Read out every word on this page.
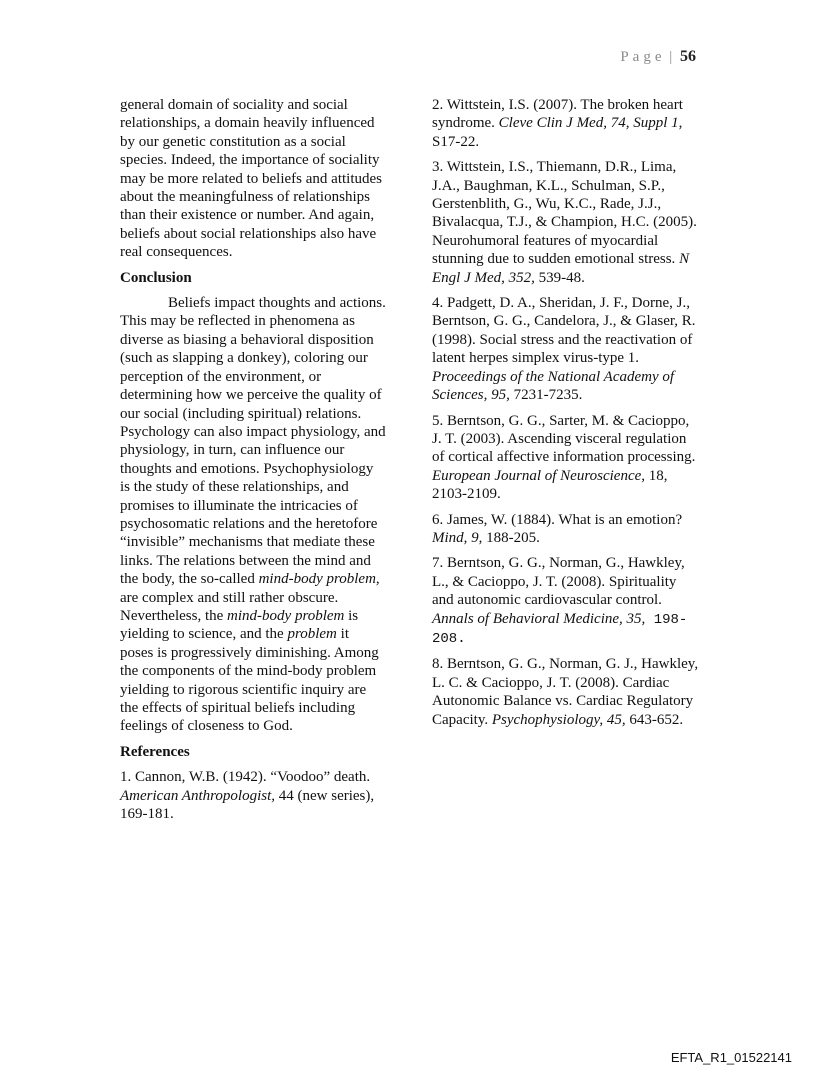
Page | 56

general domain of sociality and social relationships, a domain heavily influenced by our genetic constitution as a social species. Indeed, the importance of sociality may be more related to beliefs and attitudes about the meaningfulness of relationships than their existence or number. And again, beliefs about social relationships also have real consequences.

Conclusion

Beliefs impact thoughts and actions. This may be reflected in phenomena as diverse as biasing a behavioral disposition (such as slapping a donkey), coloring our perception of the environment, or determining how we perceive the quality of our social (including spiritual) relations. Psychology can also impact physiology, and physiology, in turn, can influence our thoughts and emotions. Psychophysiology is the study of these relationships, and promises to illuminate the intricacies of psychosomatic relations and the heretofore “invisible” mechanisms that mediate these links. The relations between the mind and the body, the so-called mind-body problem, are complex and still rather obscure. Nevertheless, the mind-body problem is yielding to science, and the problem it poses is progressively diminishing. Among the components of the mind-body problem yielding to rigorous scientific inquiry are the effects of spiritual beliefs including feelings of closeness to God.

References

1. Cannon, W.B. (1942). “Voodoo” death. American Anthropologist, 44 (new series), 169-181.

2. Wittstein, I.S. (2007). The broken heart syndrome. Cleve Clin J Med, 74, Suppl 1, S17-22.

3. Wittstein, I.S., Thiemann, D.R., Lima, J.A., Baughman, K.L., Schulman, S.P., Gerstenblith, G., Wu, K.C., Rade, J.J., Bivalacqua, T.J., & Champion, H.C. (2005). Neurohumoral features of myocardial stunning due to sudden emotional stress. N Engl J Med, 352, 539-48.

4. Padgett, D. A., Sheridan, J. F., Dorne, J., Berntson, G. G., Candelora, J., & Glaser, R. (1998). Social stress and the reactivation of latent herpes simplex virus-type 1. Proceedings of the National Academy of Sciences, 95, 7231-7235.

5. Berntson, G. G., Sarter, M. & Cacioppo, J. T. (2003). Ascending visceral regulation of cortical affective information processing. European Journal of Neuroscience, 18, 2103-2109.

6. James, W. (1884). What is an emotion? Mind, 9, 188-205.

7. Berntson, G. G., Norman, G., Hawkley, L., & Cacioppo, J. T. (2008). Spirituality and autonomic cardiovascular control. Annals of Behavioral Medicine, 35, 198-208.

8. Berntson, G. G., Norman, G. J., Hawkley, L. C. & Cacioppo, J. T. (2008). Cardiac Autonomic Balance vs. Cardiac Regulatory Capacity. Psychophysiology, 45, 643-652.

EFTA_R1_01522141
